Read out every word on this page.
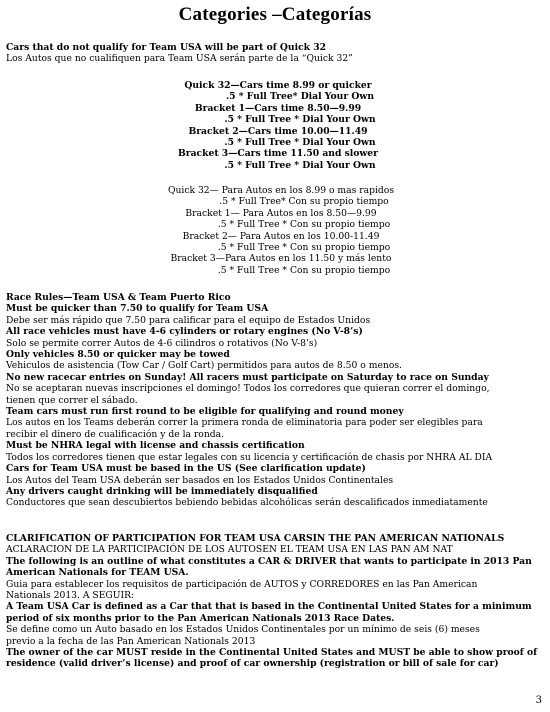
Categories –Categorías
Cars that do not qualify for Team USA will be part of Quick 32
Los Autos que no cualifiquen para Team USA serán parte de la “Quick 32”
Quick 32—Cars time 8.99 or quicker
.5 * Full Tree* Dial Your Own
Bracket 1—Cars time 8.50—9.99
.5 * Full Tree * Dial Your Own
Bracket 2—Cars time 10.00—11.49
.5 * Full Tree * Dial Your Own
Bracket 3—Cars time 11.50 and slower
.5 * Full Tree * Dial Your Own
Quick 32— Para Autos en los 8.99 o mas rapidos
.5 * Full Tree* Con su propio tiempo
Bracket 1— Para Autos en los 8.50—9.99
.5 * Full Tree * Con su propio tiempo
Bracket 2— Para Autos en los 10.00-11.49
.5 * Full Tree * Con su propio tiempo
Bracket 3—Para Autos en los 11.50 y más lento
.5 * Full Tree * Con su propio tiempo
Race Rules—Team USA & Team Puerto Rico
Must be quicker than 7.50 to qualify for Team USA
Debe ser más rápido que 7.50 para calificar para el equipo de Estados Unidos
All race vehicles must have 4-6 cylinders or rotary engines (No V-8’s)
Solo se permite correr Autos de 4-6 cilindros o rotativos (No V-8’s)
Only vehicles 8.50 or quicker may be towed
Vehiculos de asistencia (Tow Car / Golf Cart) permitidos para autos de 8.50 o menos.
No new racecar entries on Sunday! All racers must participate on Saturday to race on Sunday
No se aceptaran nuevas inscripciones el domingo! Todos los corredores que quieran correr el domingo,
tienen que correr el sábado.
Team cars must run first round to be eligible for qualifying and round money
Los autos en los Teams deberán correr la primera ronda de eliminatoria para poder ser elegibles para
recibir el dinero de cualificación y de la ronda.
Must be NHRA legal with license and chassis certification
Todos los corredores tienen que estar legales con su licencia y certificación de chasis por NHRA AL DIA
Cars for Team USA must be based in the US (See clarification update)
Los Autos del Team USA deberán ser basados en los Estados Unidos Continentales
Any drivers caught drinking will be immediately disqualified
Conductores que sean descubiertos bebiendo bebidas alcohólicas serán descalificados inmediatamente
CLARIFICATION OF PARTICIPATION FOR TEAM USA CARSIN THE PAN AMERICAN NATIONALS
ACLARACION DE LA PARTICIPACIÓN DE LOS AUTOSEN EL TEAM USA EN LAS PAN AM NAT
The following is an outline of what constitutes a CAR & DRIVER that wants to participate in 2013 Pan
American Nationals for TEAM USA.
Guia para establecer los requisitos de participación de AUTOS y CORREDORES en las Pan American
Nationals 2013. A SEGUIR:
A Team USA Car is defined as a Car that that is based in the Continental United States for a minimum
period of six months prior to the Pan American Nationals 2013 Race Dates.
Se define como un Auto basado en los Estados Unidos Continentales por un mínimo de seis (6) meses
previo a la fecha de las Pan American Nationals 2013
The owner of the car MUST reside in the Continental United States and MUST be able to show proof of
residence (valid driver’s license) and proof of car ownership (registration or bill of sale for car)
3
